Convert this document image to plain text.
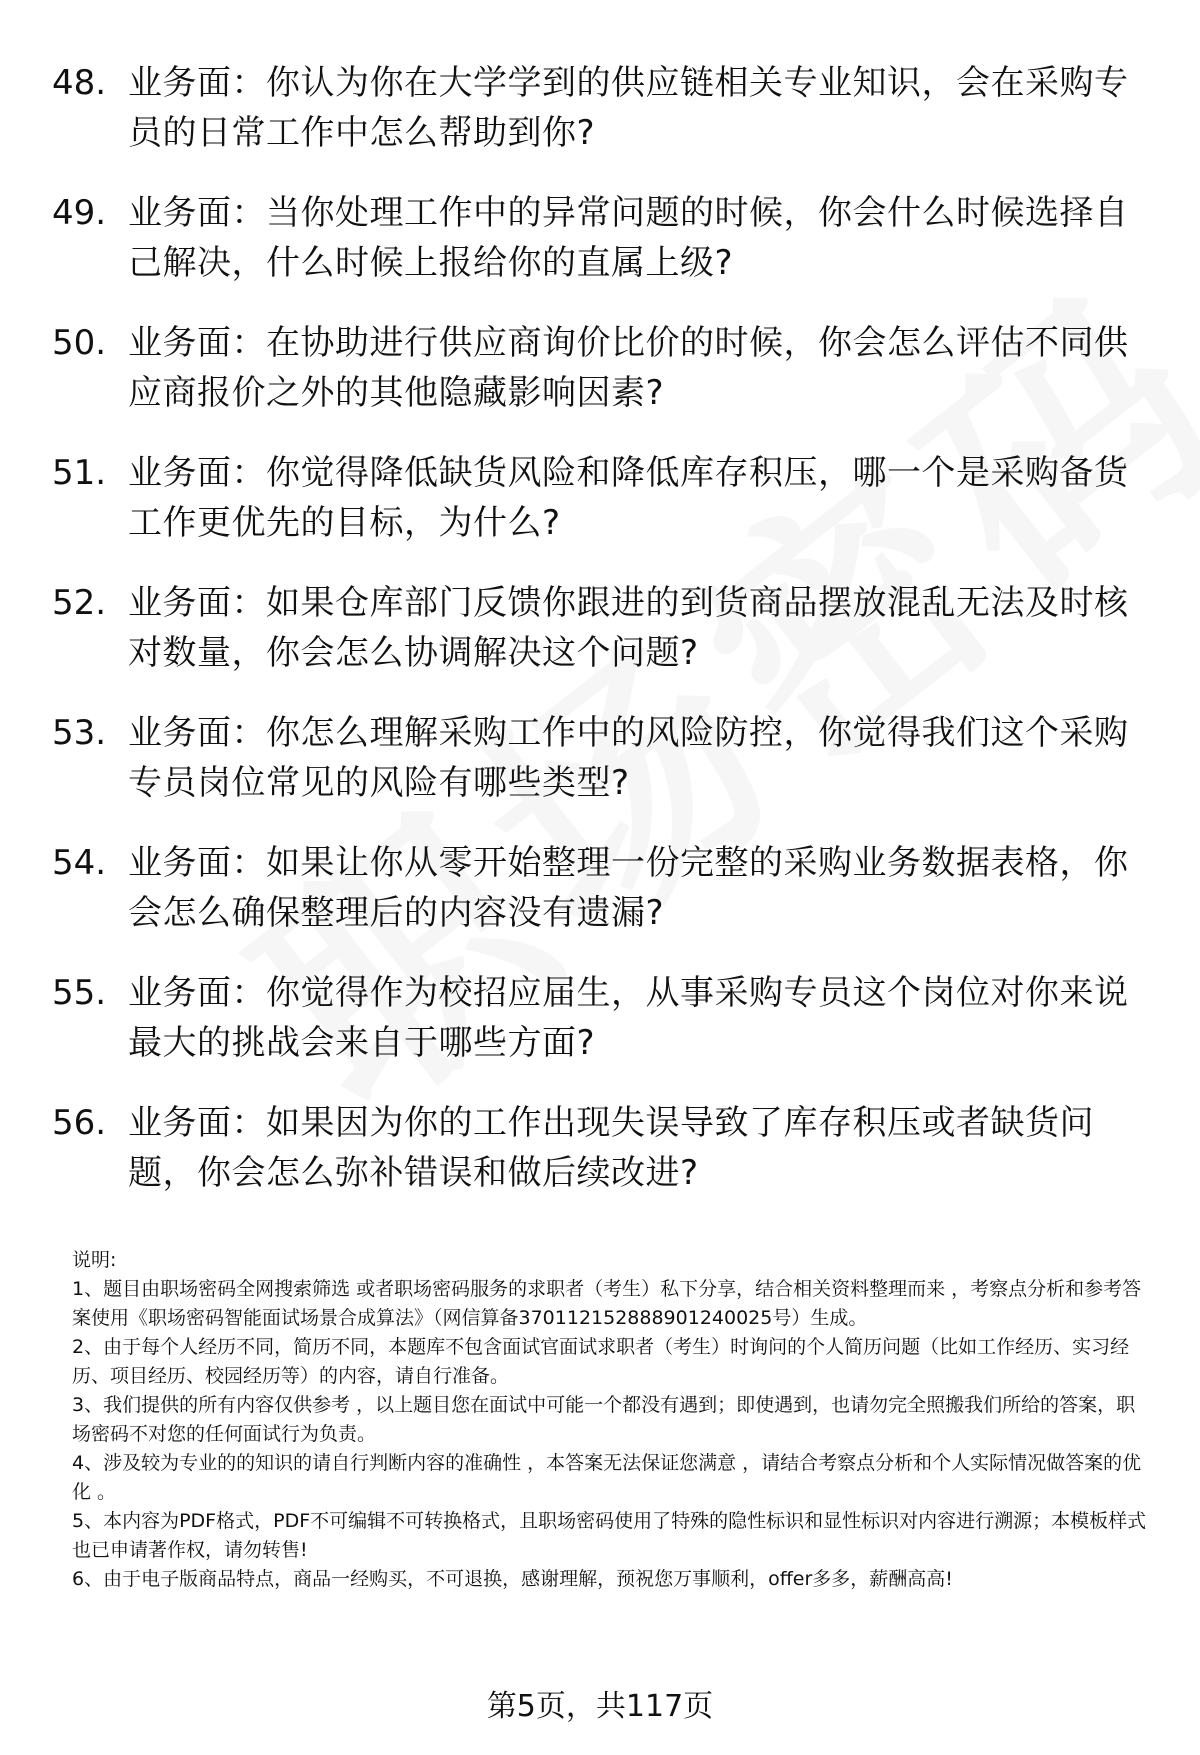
48. 业务面：你认为你在大学学到的供应链相关专业知识，会在采购专员的日常工作中怎么帮助到你?
49. 业务面：当你处理工作中的异常问题的时候，你会什么时候选择自己解决，什么时候上报给你的直属上级?
50. 业务面：在协助进行供应商询价比价的时候，你会怎么评估不同供应商报价之外的其他隐藏影响因素?
51. 业务面：你觉得降低缺货风险和降低库存积压，哪一个是采购备货工作更优先的目标，为什么?
52. 业务面：如果仓库部门反馈你跟进的到货商品摆放混乱无法及时核对数量，你会怎么协调解决这个问题?
53. 业务面：你怎么理解采购工作中的风险防控，你觉得我们这个采购专员岗位常见的风险有哪些类型?
54. 业务面：如果让你从零开始整理一份完整的采购业务数据表格，你会怎么确保整理后的内容没有遗漏?
55. 业务面：你觉得作为校招应届生，从事采购专员这个岗位对你来说最大的挑战会来自于哪些方面?
56. 业务面：如果因为你的工作出现失误导致了库存积压或者缺货问题，你会怎么弥补错误和做后续改进?

说明:

1、题目由职场密码全网搜索筛选 或者职场密码服务的求职者（考生）私下分享，结合相关资料整理而来 ，考察点分析和参考答案使用《职场密码智能面试场景合成算法》（网信算备370112152888901240025号）生成。

2、由于每个人经历不同，简历不同，本题库不包含面试官面试求职者（考生）时询问的个人简历问题（比如工作经历、实习经历、项目经历、校园经历等）的内容，请自行准备。

3、我们提供的所有内容仅供参考 ，以上题目您在面试中可能一个都没有遇到；即使遇到，也请勿完全照搬我们所给的答案，职场密码不对您的任何面试行为负责。

4、涉及较为专业的的知识的请自行判断内容的准确性 ，本答案无法保证您满意 ，请结合考察点分析和个人实际情况做答案的优化 。

5、本内容为PDF格式，PDF不可编辑不可转换格式，且职场密码使用了特殊的隐性标识和显性标识对内容进行溯源；本模板样式也已申请著作权，请勿转售!

6、由于电子版商品特点，商品一经购买，不可退换，感谢理解，预祝您万事顺利，offer多多，薪酬高高!

第5页，共117页
